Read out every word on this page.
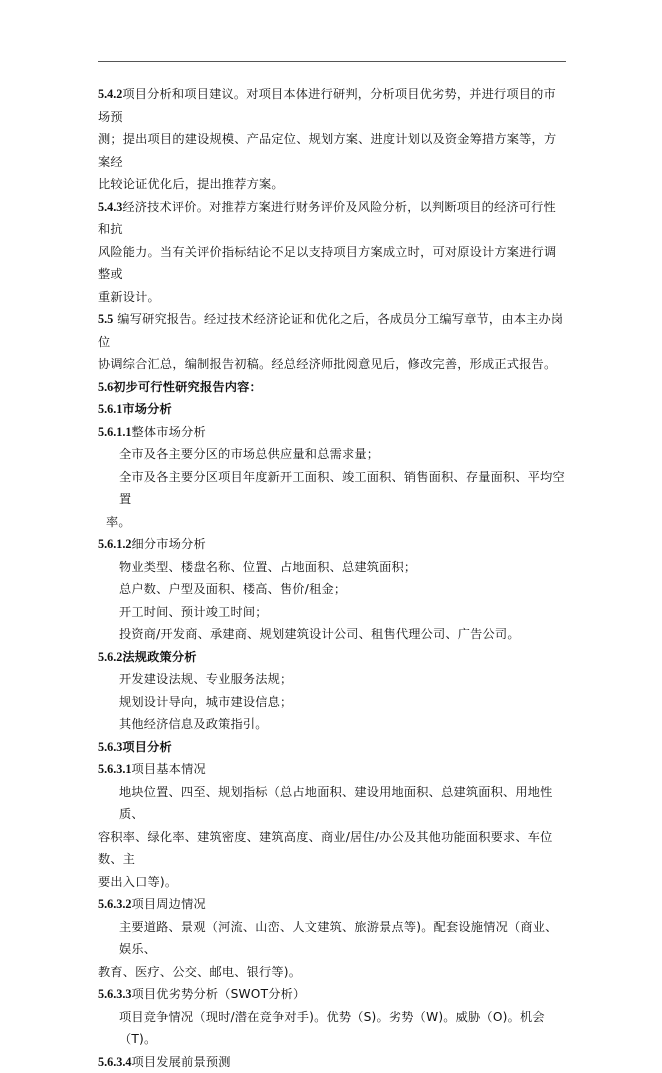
5.4.2项目分析和项目建议。对项目本体进行研判，分析项目优劣势，并进行项目的市场预
测；提出项目的建设规模、产品定位、规划方案、进度计划以及资金筹措方案等，方案经
比较论证优化后，提出推荐方案。
5.4.3经济技术评价。对推荐方案进行财务评价及风险分析，以判断项目的经济可行性和抗
风险能力。当有关评价指标结论不足以支持项目方案成立时，可对原设计方案进行调整或
重新设计。
5.5 编写研究报告。经过技术经济论证和优化之后，各成员分工编写章节，由本主办岗位
协调综合汇总，编制报告初稿。经总经济师批阅意见后，修改完善，形成正式报告。
5.6初步可行性研究报告内容：
5.6.1市场分析
5.6.1.1整体市场分析
全市及各主要分区的市场总供应量和总需求量；
全市及各主要分区项目年度新开工面积、竣工面积、销售面积、存量面积、平均空置
率。
5.6.1.2细分市场分析
物业类型、楼盘名称、位置、占地面积、总建筑面积；
总户数、户型及面积、楼高、售价/租金；
开工时间、预计竣工时间；
投资商/开发商、承建商、规划建筑设计公司、租售代理公司、广告公司。
5.6.2法规政策分析
开发建设法规、专业服务法规；
规划设计导向，城市建设信息；
其他经济信息及政策指引。
5.6.3项目分析
5.6.3.1项目基本情况
地块位置、四至、规划指标（总占地面积、建设用地面积、总建筑面积、用地性质、
容积率、绿化率、建筑密度、建筑高度、商业/居住/办公及其他功能面积要求、车位数、主
要出入口等)。
5.6.3.2项目周边情况
主要道路、景观（河流、山峦、人文建筑、旅游景点等)。配套设施情况（商业、娱乐、
教育、医疗、公交、邮电、银行等)。
5.6.3.3项目优劣势分析（SWOT分析）
项目竞争情况（现时/潜在竞争对手)。优势（S)。劣势（W)。威胁（O)。机会（T)。
5.6.3.4项目发展前景预测
